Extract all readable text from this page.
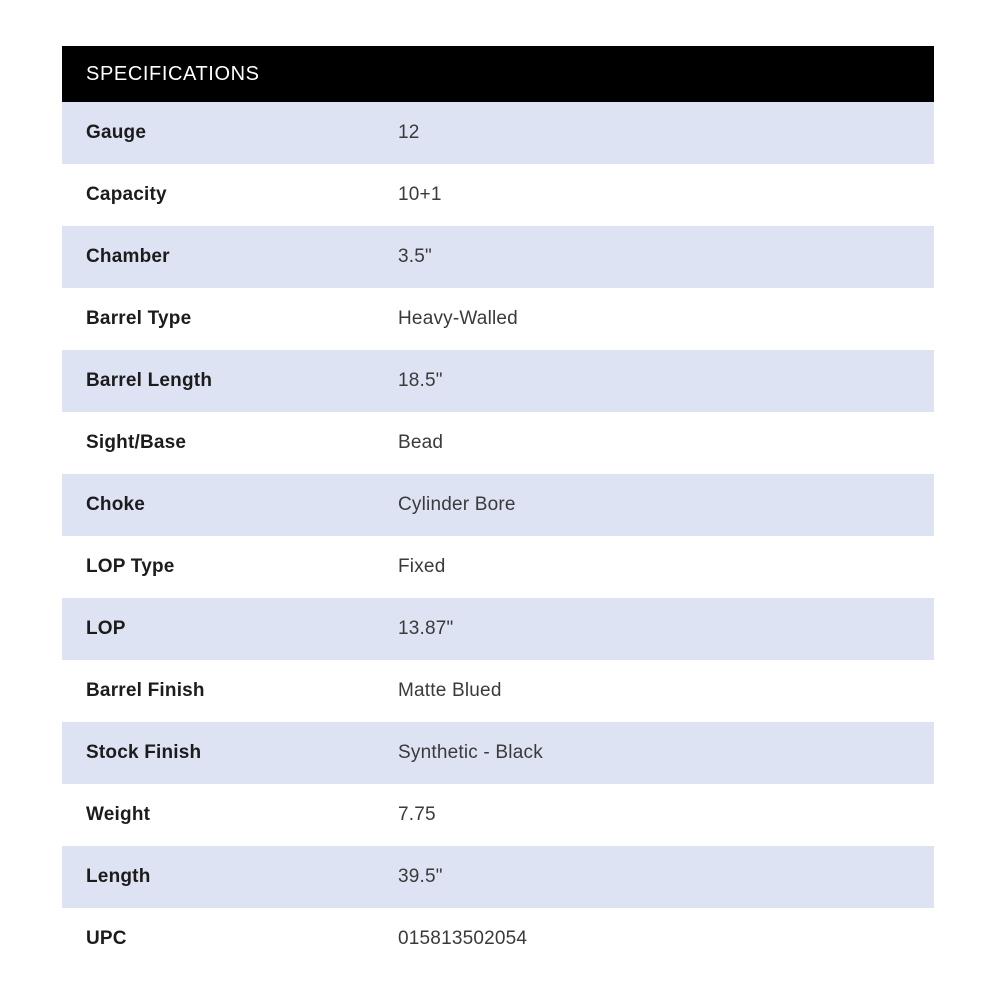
SPECIFICATIONS
Gauge	12
Capacity	10+1
Chamber	3.5"
Barrel Type	Heavy-Walled
Barrel Length	18.5"
Sight/Base	Bead
Choke	Cylinder Bore
LOP Type	Fixed
LOP	13.87"
Barrel Finish	Matte Blued
Stock Finish	Synthetic - Black
Weight	7.75
Length	39.5"
UPC	015813502054
